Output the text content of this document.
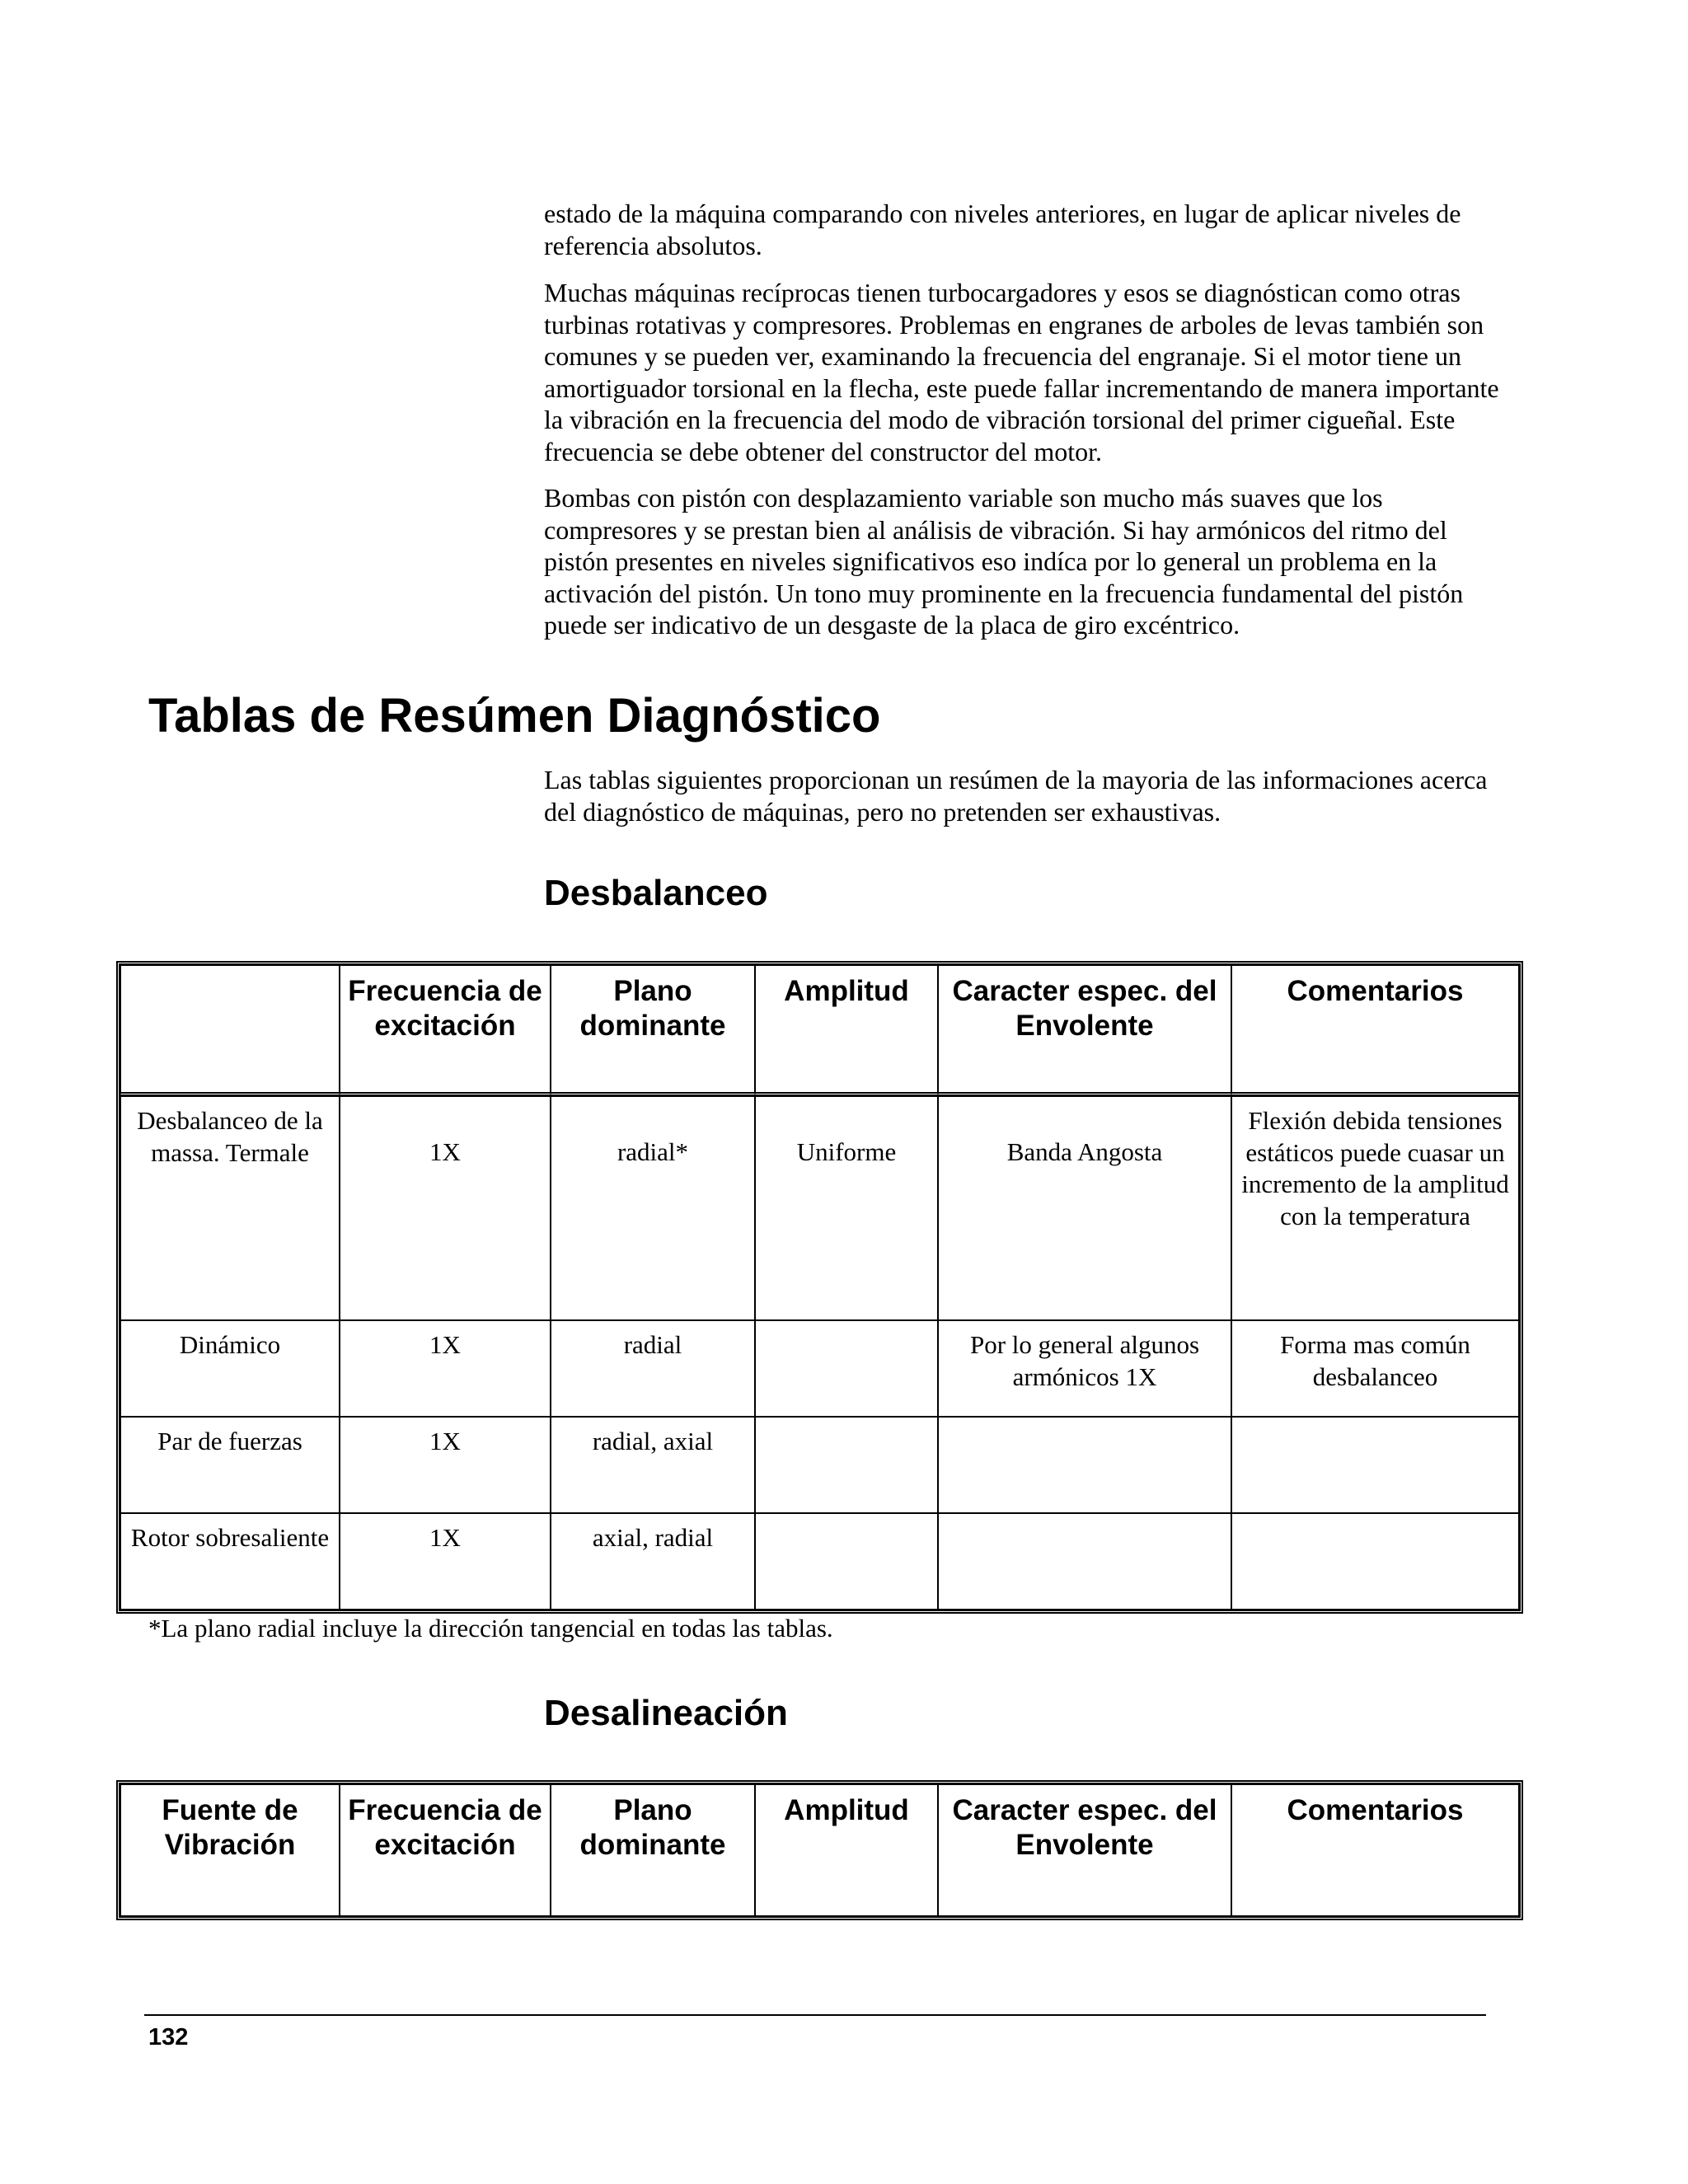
estado de la máquina comparando con niveles anteriores, en lugar de aplicar niveles de referencia absolutos.

Muchas máquinas recíprocas tienen turbocargadores y esos se diagnóstican como otras turbinas rotativas y compresores. Problemas en engranes de arboles de levas también son comunes y se pueden ver, examinando la frecuencia del engranaje. Si el motor tiene un amortiguador torsional en la flecha, este puede fallar incrementando de manera importante la vibración en la frecuencia del modo de vibración torsional del primer cigueñal. Este frecuencia se debe obtener del constructor del motor.

Bombas con pistón con desplazamiento variable son mucho más suaves que los compresores y se prestan bien al análisis de vibración. Si hay armónicos del ritmo del pistón presentes en niveles significativos eso indíca por lo general un problema en la activación del pistón. Un tono muy prominente en la frecuencia fundamental del pistón puede ser indicativo de un desgaste de la placa de giro excéntrico.

Tablas de Resúmen Diagnóstico

Las tablas siguientes proporcionan un resúmen de la mayoria de las informaciones acerca del diagnóstico de máquinas, pero no pretenden ser exhaustivas.

Desbalanceo
	Frecuencia de excitación	Plano dominante	Amplitud	Caracter espec. del Envolente	Comentarios
Desbalanceo de la massa. Termale	1X	radial*	Uniforme	Banda Angosta	Flexión debida tensiones estáticos puede cuasar un incremento de la amplitud con la temperatura
Dinámico	1X	radial		Por lo general algunos armónicos 1X	Forma mas común desbalanceo
Par de fuerzas	1X	radial, axial			
Rotor sobresaliente	1X	axial, radial			
*La plano radial incluye la dirección tangencial en todas las tablas.
Desalineación
Fuente de Vibración	Frecuencia de excitación	Plano dominante	Amplitud	Caracter espec. del Envolente	Comentarios
132
